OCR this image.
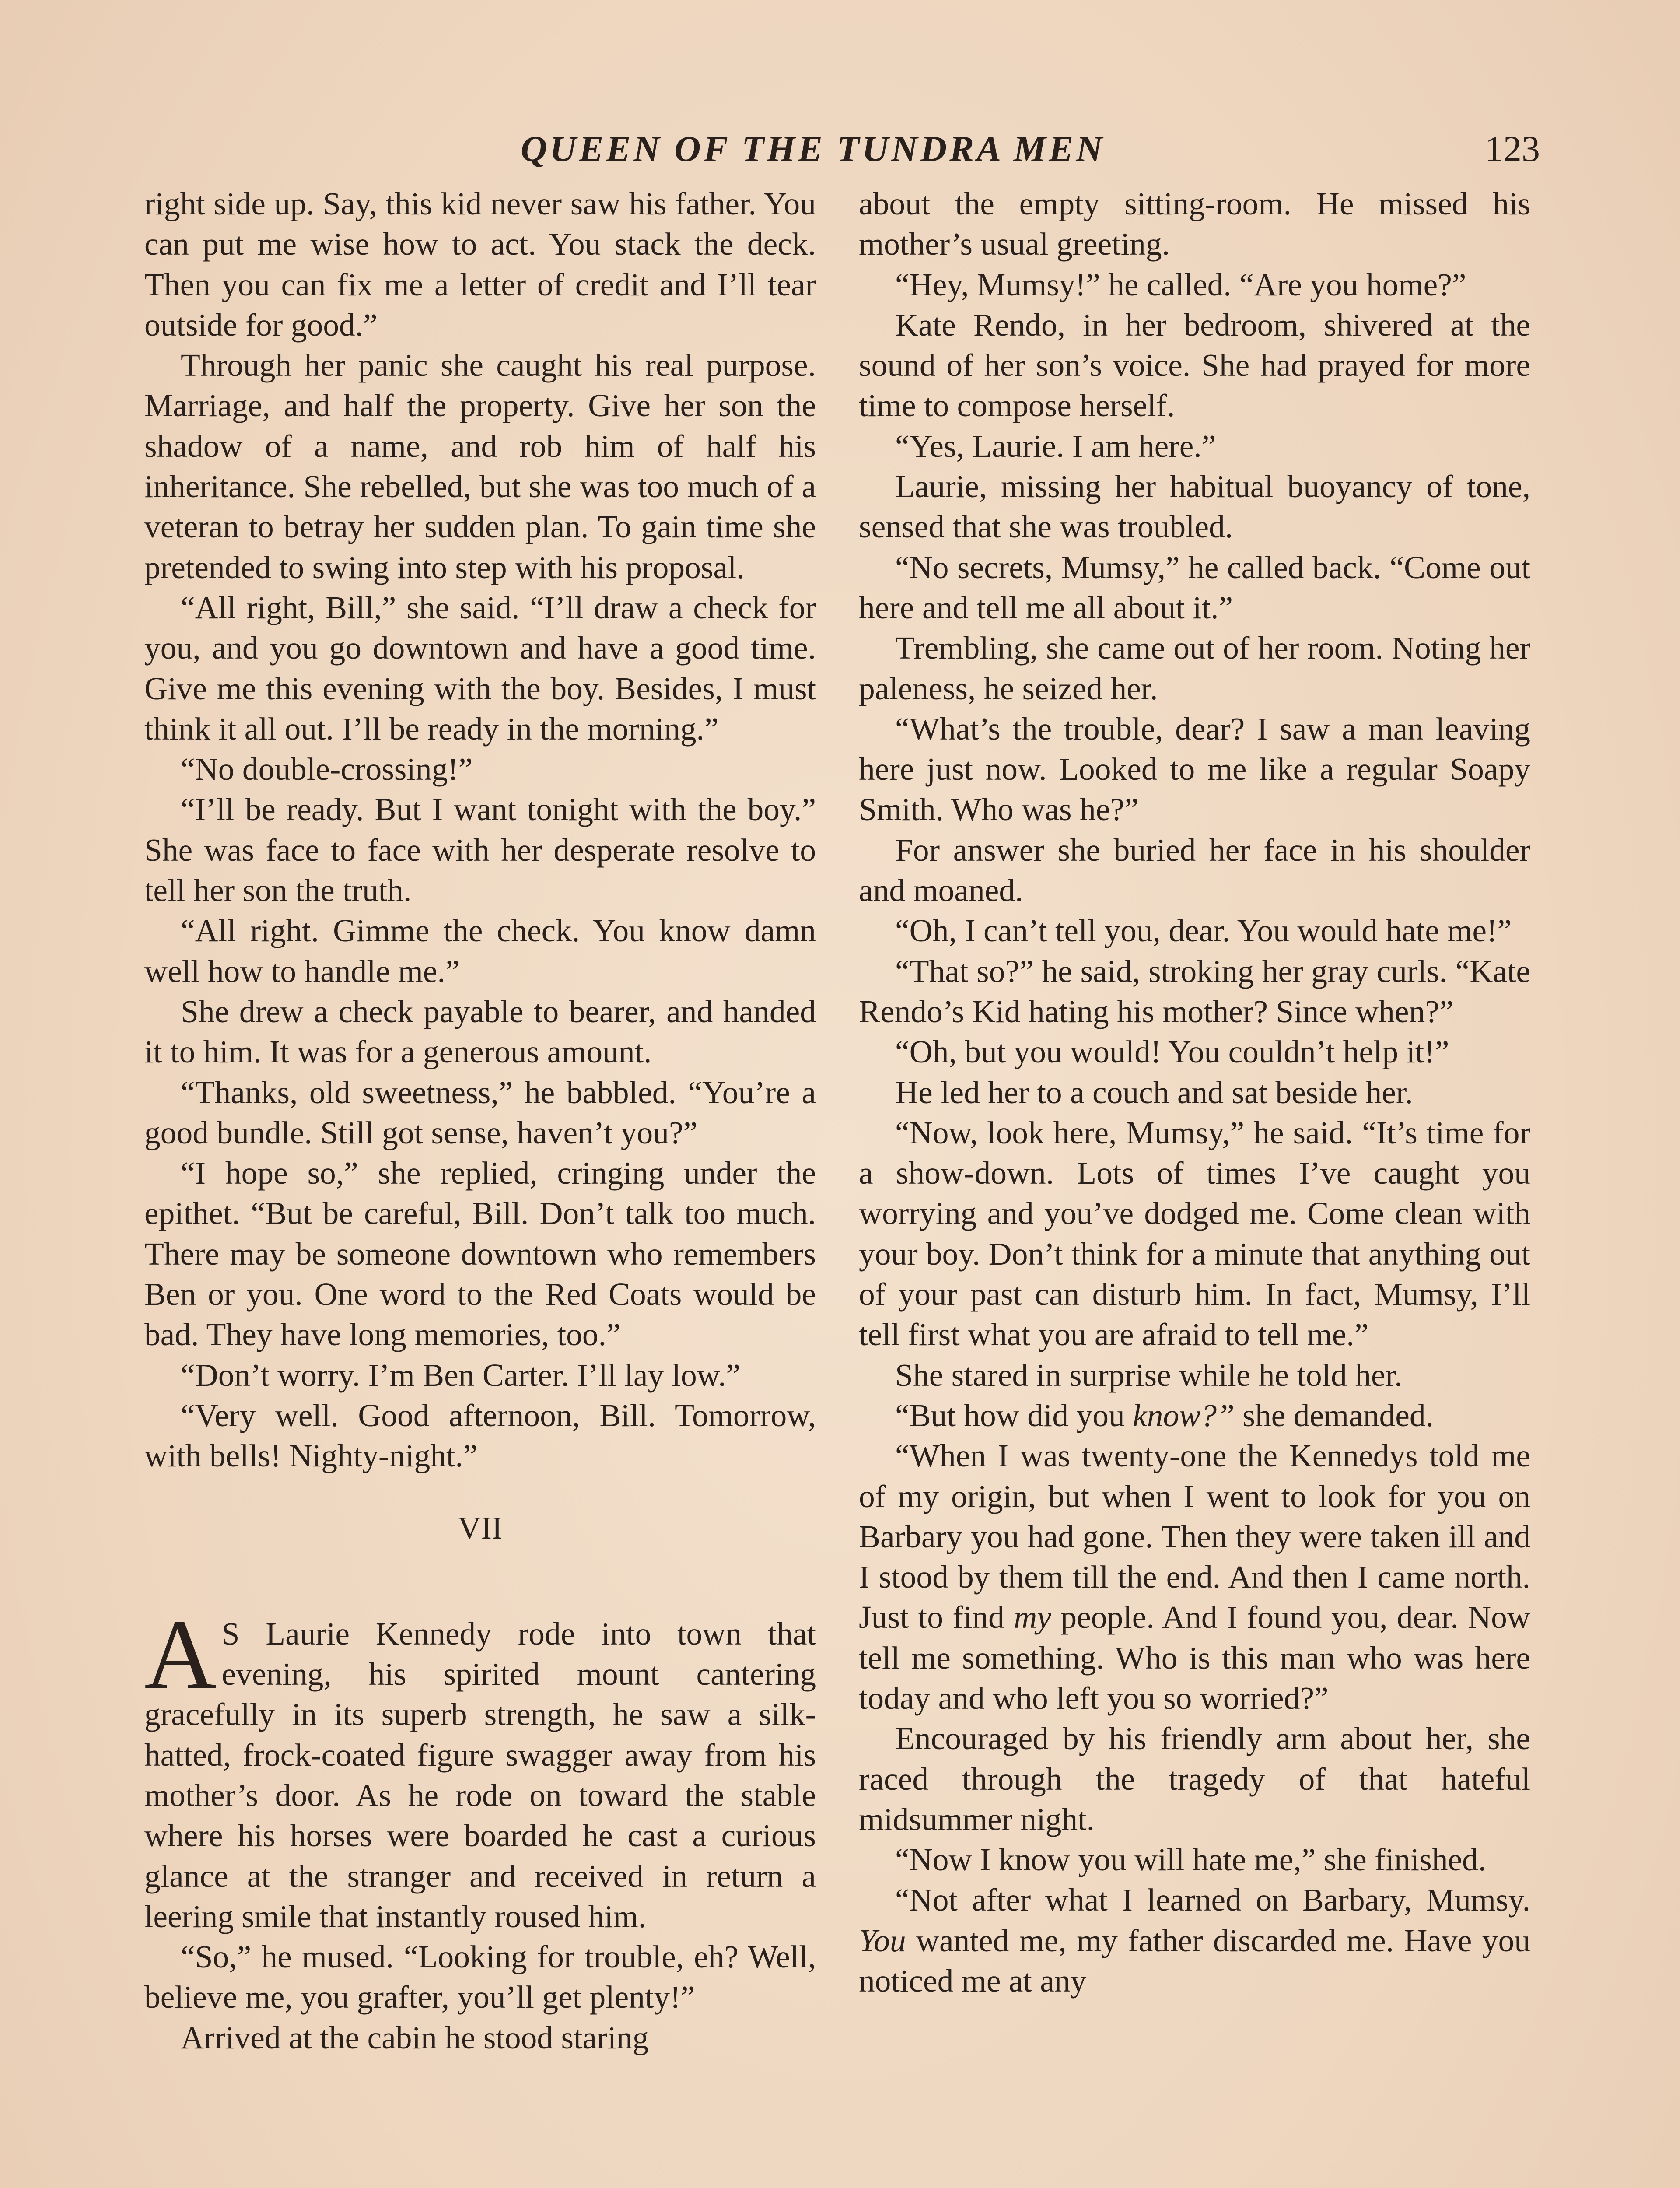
QUEEN OF THE TUNDRA MEN	123

right side up. Say, this kid never saw his father. You can put me wise how to act. You stack the deck. Then you can fix me a letter of credit and I’ll tear outside for good.”

Through her panic she caught his real purpose. Marriage, and half the property. Give her son the shadow of a name, and rob him of half his inheritance. She rebelled, but she was too much of a veteran to betray her sudden plan. To gain time she pretended to swing into step with his proposal.

“All right, Bill,” she said. “I’ll draw a check for you, and you go downtown and have a good time. Give me this evening with the boy. Besides, I must think it all out. I’ll be ready in the morning.”

“No double-crossing!”

“I’ll be ready. But I want tonight with the boy.” She was face to face with her desperate resolve to tell her son the truth.

“All right. Gimme the check. You know damn well how to handle me.”

She drew a check payable to bearer, and handed it to him. It was for a generous amount.

“Thanks, old sweetness,” he babbled. “You’re a good bundle. Still got sense, haven’t you?”

“I hope so,” she replied, cringing under the epithet. “But be careful, Bill. Don’t talk too much. There may be someone downtown who remembers Ben or you. One word to the Red Coats would be bad. They have long memories, too.”

“Don’t worry. I’m Ben Carter. I’ll lay low.”

“Very well. Good afternoon, Bill. Tomorrow, with bells! Nighty-night.”

VII

A S Laurie Kennedy rode into town that evening, his spirited mount cantering gracefully in its superb strength, he saw a silk-hatted, frock-coated figure swagger away from his mother’s door. As he rode on toward the stable where his horses were boarded he cast a curious glance at the stranger and received in return a leering smile that instantly roused him.

“So,” he mused. “Looking for trouble, eh? Well, believe me, you grafter, you’ll get plenty!”

Arrived at the cabin he stood staring

about the empty sitting-room. He missed his mother’s usual greeting.

“Hey, Mumsy!” he called. “Are you home?”

Kate Rendo, in her bedroom, shivered at the sound of her son’s voice. She had prayed for more time to compose herself.

“Yes, Laurie. I am here.”

Laurie, missing her habitual buoyancy of tone, sensed that she was troubled.

“No secrets, Mumsy,” he called back. “Come out here and tell me all about it.”

Trembling, she came out of her room. Noting her paleness, he seized her.

“What’s the trouble, dear? I saw a man leaving here just now. Looked to me like a regular Soapy Smith. Who was he?”

For answer she buried her face in his shoulder and moaned.

“Oh, I can’t tell you, dear. You would hate me!”

“That so?” he said, stroking her gray curls. “Kate Rendo’s Kid hating his mother? Since when?”

“Oh, but you would! You couldn’t help it!”

He led her to a couch and sat beside her.

“Now, look here, Mumsy,” he said. “It’s time for a show-down. Lots of times I’ve caught you worrying and you’ve dodged me. Come clean with your boy. Don’t think for a minute that anything out of your past can disturb him. In fact, Mumsy, I’ll tell first what you are afraid to tell me.”

She stared in surprise while he told her.

“But how did you know?” she demanded.

“When I was twenty-one the Kennedys told me of my origin, but when I went to look for you on Barbary you had gone. Then they were taken ill and I stood by them till the end. And then I came north. Just to find my people. And I found you, dear. Now tell me something. Who is this man who was here today and who left you so worried?”

Encouraged by his friendly arm about her, she raced through the tragedy of that hateful midsummer night.

“Now I know you will hate me,” she finished.

“Not after what I learned on Barbary, Mumsy. You wanted me, my father discarded me. Have you noticed me at any
